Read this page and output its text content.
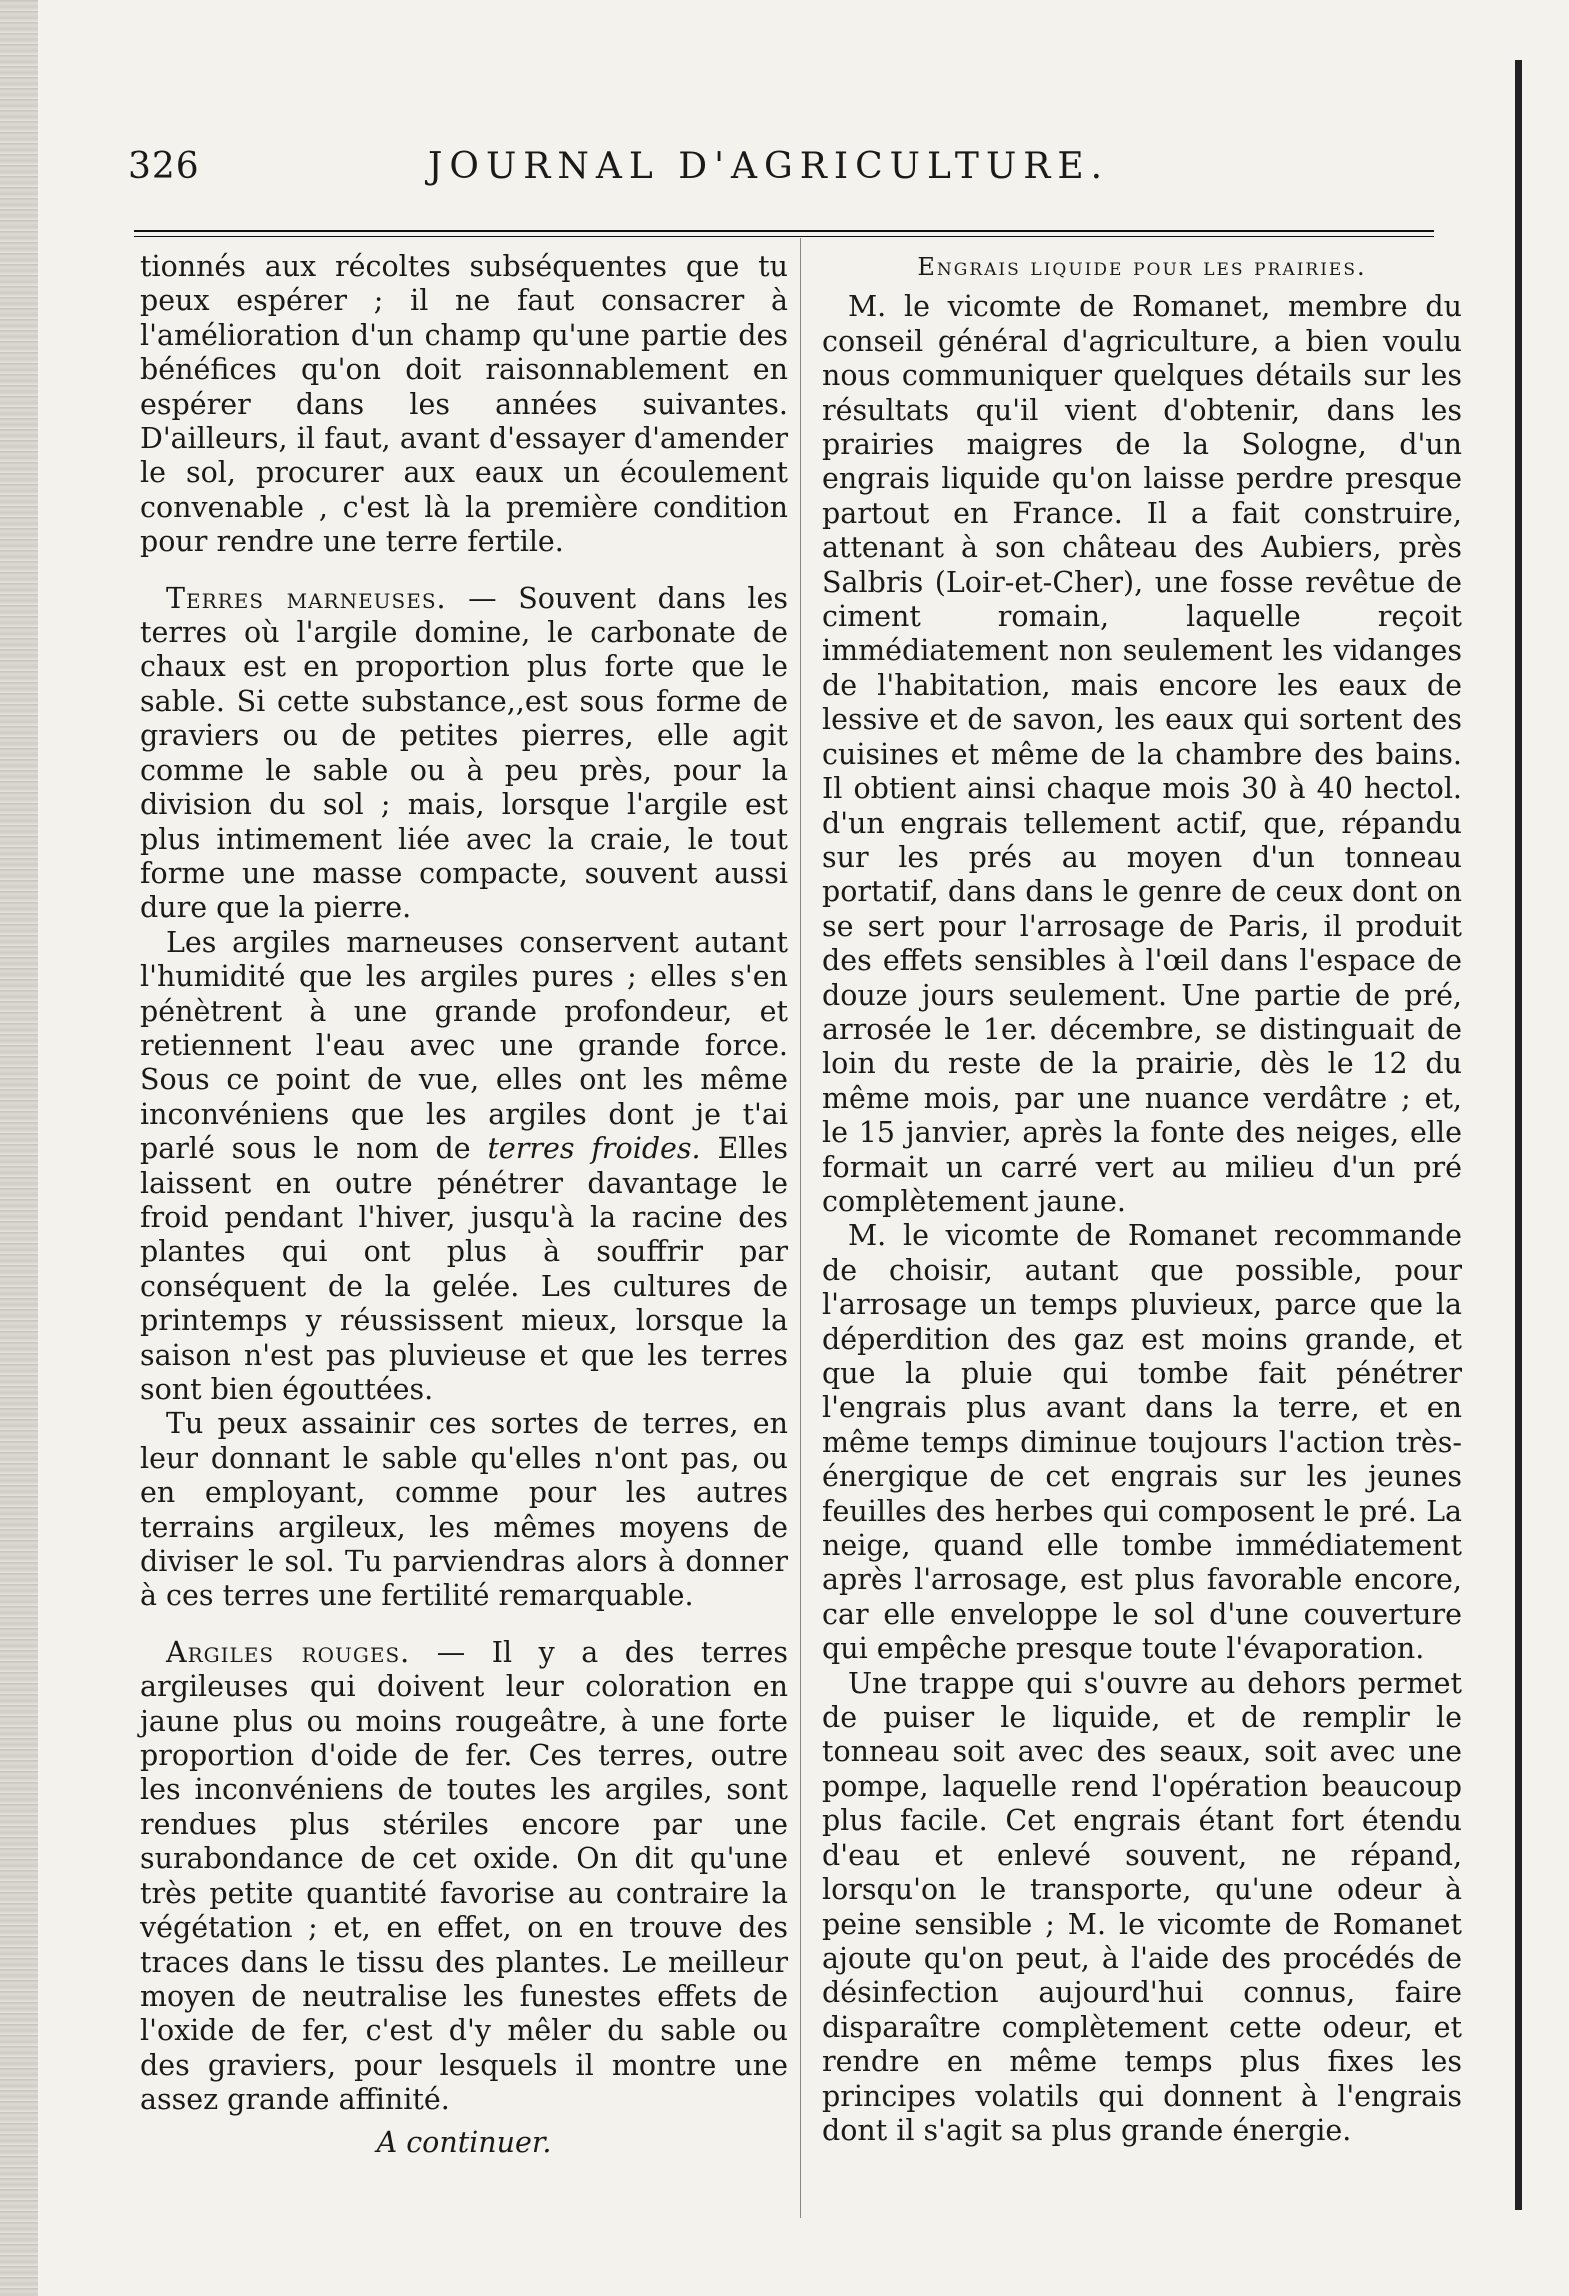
326	JOURNAL D'AGRICULTURE.

tionnés aux récoltes subséquentes que tu peux espérer ; il ne faut consacrer à l'amélioration d'un champ qu'une partie des bénéfices qu'on doit raisonnablement en espérer dans les années suivantes. D'ailleurs, il faut, avant d'essayer d'amender le sol, procurer aux eaux un écoulement convenable , c'est là la première condition pour rendre une terre fertile.

Terres marneuses. — Souvent dans les terres où l'argile domine, le carbonate de chaux est en proportion plus forte que le sable. Si cette substance,,est sous forme de graviers ou de petites pierres, elle agit comme le sable ou à peu près, pour la division du sol ; mais, lorsque l'argile est plus intimement liée avec la craie, le tout forme une masse compacte, souvent aussi dure que la pierre.

Les argiles marneuses conservent autant l'humidité que les argiles pures ; elles s'en pénètrent à une grande profondeur, et retiennent l'eau avec une grande force. Sous ce point de vue, elles ont les même inconvéniens que les argiles dont je t'ai parlé sous le nom de terres froides. Elles laissent en outre pénétrer davantage le froid pendant l'hiver, jusqu'à la racine des plantes qui ont plus à souffrir par conséquent de la gelée. Les cultures de printemps y réussissent mieux, lorsque la saison n'est pas pluvieuse et que les terres sont bien égouttées.

Tu peux assainir ces sortes de terres, en leur donnant le sable qu'elles n'ont pas, ou en employant, comme pour les autres terrains argileux, les mêmes moyens de diviser le sol. Tu parviendras alors à donner à ces terres une fertilité remarquable.

Argiles rouges. — Il y a des terres argileuses qui doivent leur coloration en jaune plus ou moins rougeâtre, à une forte proportion d'oide de fer. Ces terres, outre les inconvéniens de toutes les argiles, sont rendues plus stériles encore par une surabondance de cet oxide. On dit qu'une très petite quantité favorise au contraire la végétation ; et, en effet, on en trouve des traces dans le tissu des plantes. Le meilleur moyen de neutralise les funestes effets de l'oxide de fer, c'est d'y mêler du sable ou des graviers, pour lesquels il montre une assez grande affinité.

A continuer.

Engrais liquide pour les prairies.

M. le vicomte de Romanet, membre du conseil général d'agriculture, a bien voulu nous communiquer quelques détails sur les résultats qu'il vient d'obtenir, dans les prairies maigres de la Sologne, d'un engrais liquide qu'on laisse perdre presque partout en France. Il a fait construire, attenant à son château des Aubiers, près Salbris (Loir-et-Cher), une fosse revêtue de ciment romain, laquelle reçoit immédiatement non seulement les vidanges de l'habitation, mais encore les eaux de lessive et de savon, les eaux qui sortent des cuisines et même de la chambre des bains. Il obtient ainsi chaque mois 30 à 40 hectol. d'un engrais tellement actif, que, répandu sur les prés au moyen d'un tonneau portatif, dans dans le genre de ceux dont on se sert pour l'arrosage de Paris, il produit des effets sensibles à l'œil dans l'espace de douze jours seulement. Une partie de pré, arrosée le 1er. décembre, se distinguait de loin du reste de la prairie, dès le 12 du même mois, par une nuance verdâtre ; et, le 15 janvier, après la fonte des neiges, elle formait un carré vert au milieu d'un pré complètement jaune.

M. le vicomte de Romanet recommande de choisir, autant que possible, pour l'arrosage un temps pluvieux, parce que la déperdition des gaz est moins grande, et que la pluie qui tombe fait pénétrer l'engrais plus avant dans la terre, et en même temps diminue toujours l'action très-énergique de cet engrais sur les jeunes feuilles des herbes qui composent le pré. La neige, quand elle tombe immédiatement après l'arrosage, est plus favorable encore, car elle enveloppe le sol d'une couverture qui empêche presque toute l'évaporation.

Une trappe qui s'ouvre au dehors permet de puiser le liquide, et de remplir le tonneau soit avec des seaux, soit avec une pompe, laquelle rend l'opération beaucoup plus facile. Cet engrais étant fort étendu d'eau et enlevé souvent, ne répand, lorsqu'on le transporte, qu'une odeur à peine sensible ; M. le vicomte de Romanet ajoute qu'on peut, à l'aide des procédés de désinfection aujourd'hui connus, faire disparaître complètement cette odeur, et rendre en même temps plus fixes les principes volatils qui donnent à l'engrais dont il s'agit sa plus grande énergie.
